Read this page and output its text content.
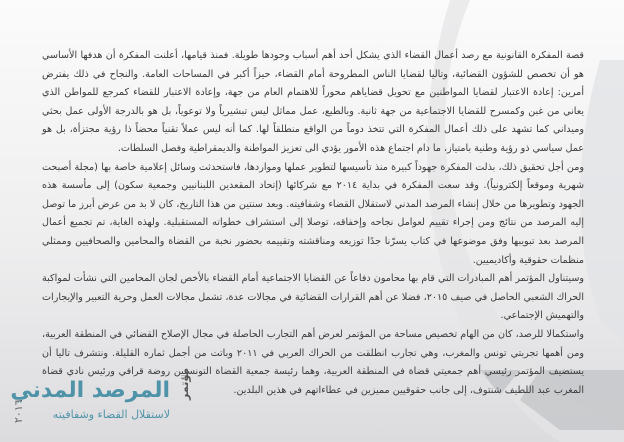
قصة المفكرة القانونية مع رصد أعمال القضاء الذي يشكل أحد أهم أسباب وجودها طويلة. فمنذ قيامها، أعلنت المفكرة أن هدفها الأساسي هو أن تخصص للشؤون القضائية، وتاليا لقضايا الناس المطروحة أمام القضاء، حيزاً أكبر في المساحات العامة. والنجاح في ذلك يفترض أمرين: إعادة الاعتبار لقضايا المواطنين مع تحويل قضاياهم محوراً للاهتمام العام من جهة، وإعادة الاعتبار للقضاء كمرجع للمواطن الذي يعاني من غبن وكمسرح للقضايا الاجتماعية من جهة ثانية. وبالطبع، عمل مماثل ليس تبشيرياً ولا توعوياً، بل هو بالدرجة الأولى عمل بحثي وميداني كما تشهد على ذلك أعمال المفكرة التي تتخذ دوماً من الواقع منطلقاً لها. كما أنه ليس عملاً تقنياً محضاً ذا رؤية مجتزأة، بل هو عمل سياسي ذو رؤية وطنية بامتياز، ما دام اجتماع هذه الأمور يؤدي الى تعزيز المواطنة والديمقراطية وفصل السلطات.

ومن أجل تحقيق ذلك، بذلت المفكرة جهوداً كبيرة منذ تأسيسها لتطوير عملها ومواردها، فاستحدثت وسائل إعلامية خاصة بها (مجلة أصبحت شهرية وموقعاً إلكترونياً). وقد سعت المفكرة في بداية ٢٠١٤ مع شركائها (إتحاد المقعدين اللبنانيين وجمعية سكون) إلى مأسسة هذه الجهود وتطويرها من خلال إنشاء المرصد المدني لاستقلال القضاء وشفافيته. وبعد سنتين من هذا التاريخ، كان لا بد من عرض أبرز ما توصل إليه المرصد من نتائج ومن إجراء تقييم لعوامل نجاحه وإخفاقه، توصلا إلى استشراف خطواته المستقبلية. ولهذه الغاية، تم تجميع أعمال المرصد بعد تبويبها وفق موضوعها في كتاب يسرّنا جدًا توزيعه ومناقشته وتقييمه بحضور نخبة من القضاة والمحامين والصحافيين وممثلي منظمات حقوقية وأكاديميين.

وسيتناول المؤتمر أهم المبادرات التي قام بها محامون دفاعاً عن القضايا الاجتماعية أمام القضاء بالأخص لجان المحامين التي نشأت لمواكبة الحراك الشعبي الحاصل في صيف ٢٠١٥، فضلا عن أهم القرارات القضائية في مجالات عدة، تشمل مجالات العمل وحرية التعبير والإيجارات والتهميش الإجتماعي.

واستكمالا للرصد، كان من الهام تخصيص مساحة من المؤتمر لعرض أهم التجارب الحاصلة في مجال الإصلاح القضائي في المنطقة العربية، ومن أهمها تجربتي تونس والمغرب، وهي تجارب انطلقت من الحراك العربي في ٢٠١١ وباتت من أجمل ثماره القليلة. ونتشرف تاليا أن يستضيف المؤتمر رئيسي أهم جمعيتي قضاة في المنطقة العربية، وهما رئيسة جمعية القضاة التونسيين روضة قرافي ورئيس نادي قضاة المغرب عبد اللطيف شنتوف، إلى جانب حقوقيين مميزين في عطاءاتهم في هذين البلدين.

مؤتمر
المرصد المدني
لاستقلال القضاء وشفافيته
٢٠١٦
